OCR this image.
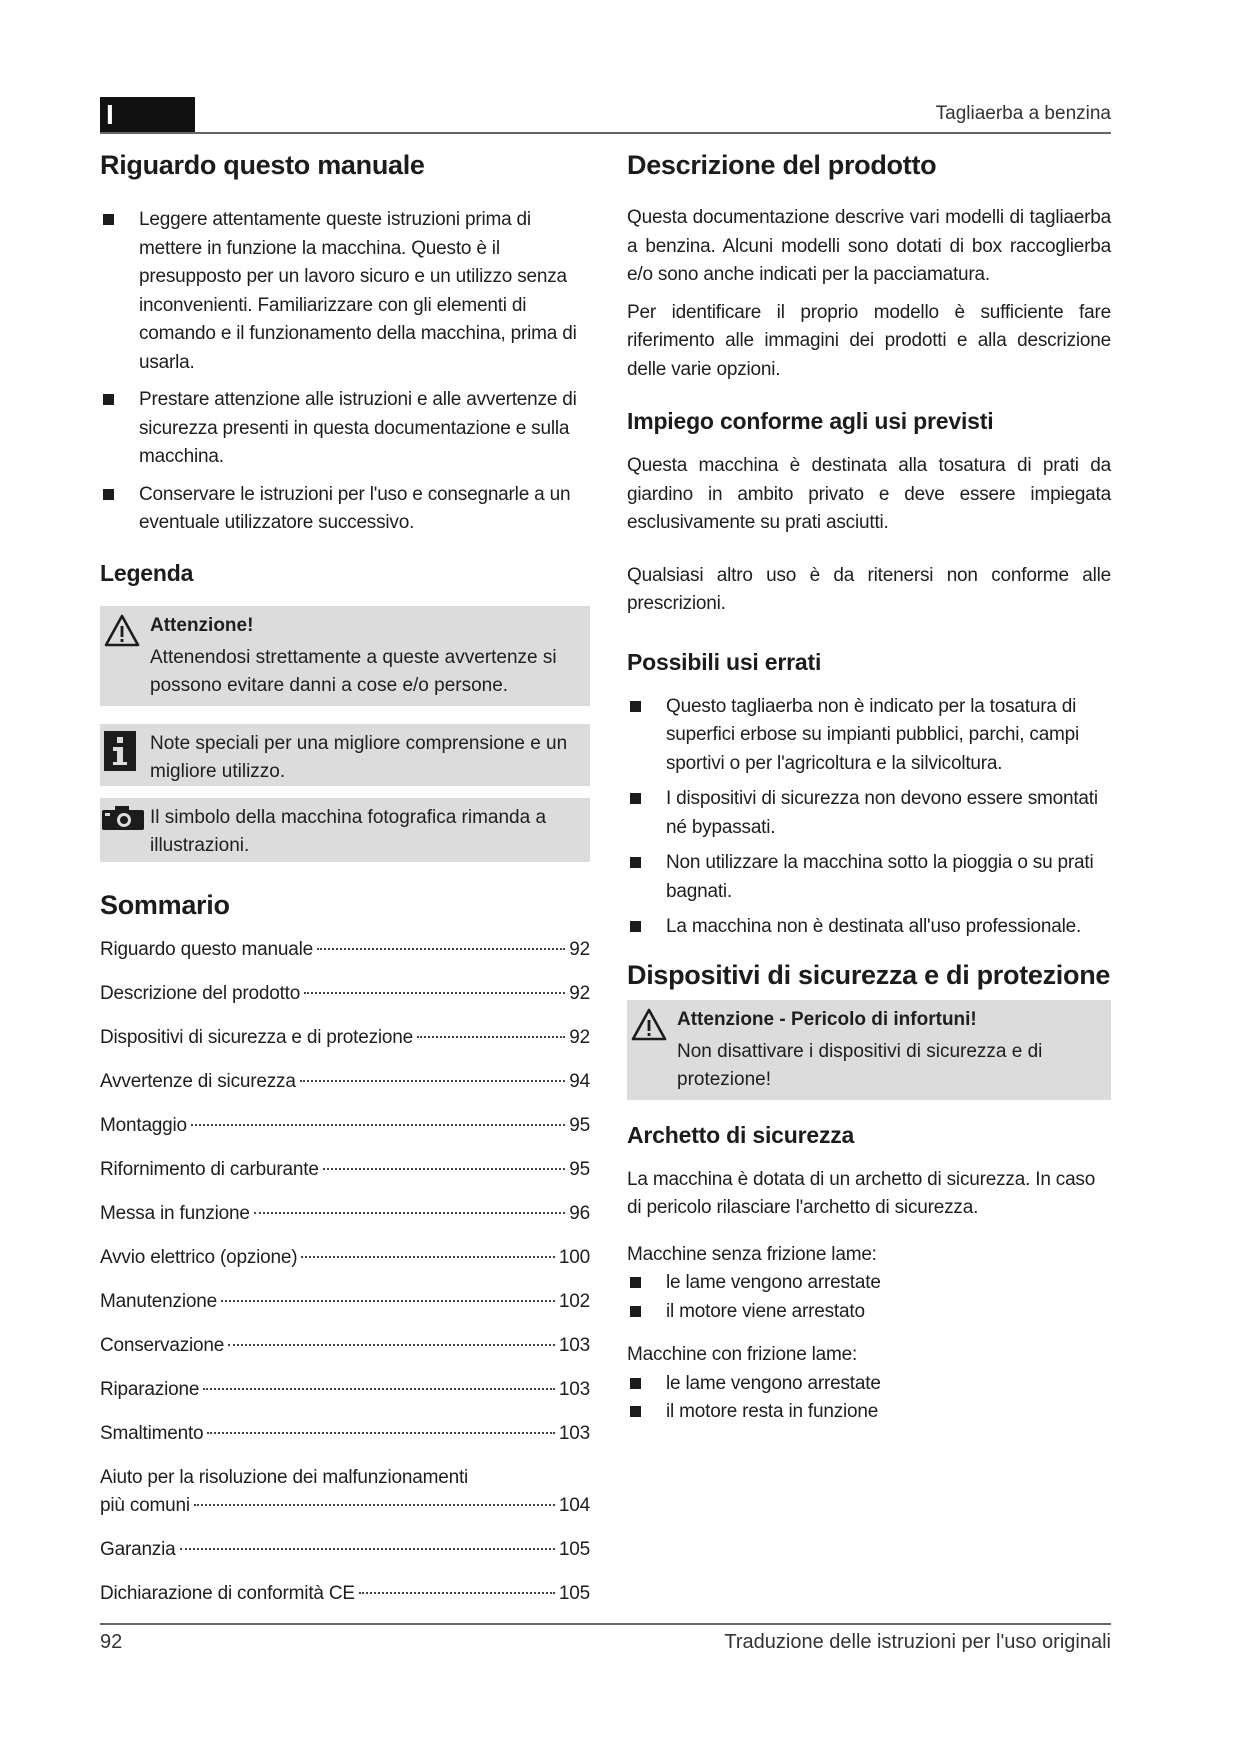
I	Tagliaerba a benzina
Riguardo questo manuale
Leggere attentamente queste istruzioni prima di mettere in funzione la macchina. Questo è il presupposto per un lavoro sicuro e un utilizzo senza inconvenienti. Familiarizzare con gli elementi di comando e il funzionamento della macchina, prima di usarla.
Prestare attenzione alle istruzioni e alle avvertenze di sicurezza presenti in questa documentazione e sulla macchina.
Conservare le istruzioni per l'uso e consegnarle a un eventuale utilizzatore successivo.
Legenda
Attenzione!
Attenendosi strettamente a queste avvertenze si possono evitare danni a cose e/o persone.
Note speciali per una migliore comprensione e un migliore utilizzo.
Il simbolo della macchina fotografica rimanda a illustrazioni.
Sommario
Riguardo questo manuale	92
Descrizione del prodotto	92
Dispositivi di sicurezza e di protezione	92
Avvertenze di sicurezza	94
Montaggio	95
Rifornimento di carburante	95
Messa in funzione	96
Avvio elettrico (opzione)	100
Manutenzione	102
Conservazione	103
Riparazione	103
Smaltimento	103
Aiuto per la risoluzione dei malfunzionamenti
più comuni	104
Garanzia	105
Dichiarazione di conformità CE	105
Descrizione del prodotto

Questa documentazione descrive vari modelli di tagliaerba a benzina. Alcuni modelli sono dotati di box raccoglierba e/o sono anche indicati per la pacciamatura.

Per identificare il proprio modello è sufficiente fare riferimento alle immagini dei prodotti e alla descrizione delle varie opzioni.

Impiego conforme agli usi previsti

Questa macchina è destinata alla tosatura di prati da giardino in ambito privato e deve essere impiegata esclusivamente su prati asciutti.

Qualsiasi altro uso è da ritenersi non conforme alle prescrizioni.

Possibili usi errati
Questo tagliaerba non è indicato per la tosatura di superfici erbose su impianti pubblici, parchi, campi sportivi o per l'agricoltura e la silvicoltura.
I dispositivi di sicurezza non devono essere smontati né bypassati.
Non utilizzare la macchina sotto la pioggia o su prati bagnati.
La macchina non è destinata all'uso professionale.
Dispositivi di sicurezza e di protezione
Attenzione - Pericolo di infortuni!
Non disattivare i dispositivi di sicurezza e di protezione!
Archetto di sicurezza

La macchina è dotata di un archetto di sicurezza. In caso di pericolo rilasciare l'archetto di sicurezza.

Macchine senza frizione lame:

le lame vengono arrestate
il motore viene arrestato

Macchine con frizione lame:

le lame vengono arrestate
il motore resta in funzione
92	Traduzione delle istruzioni per l'uso originali
